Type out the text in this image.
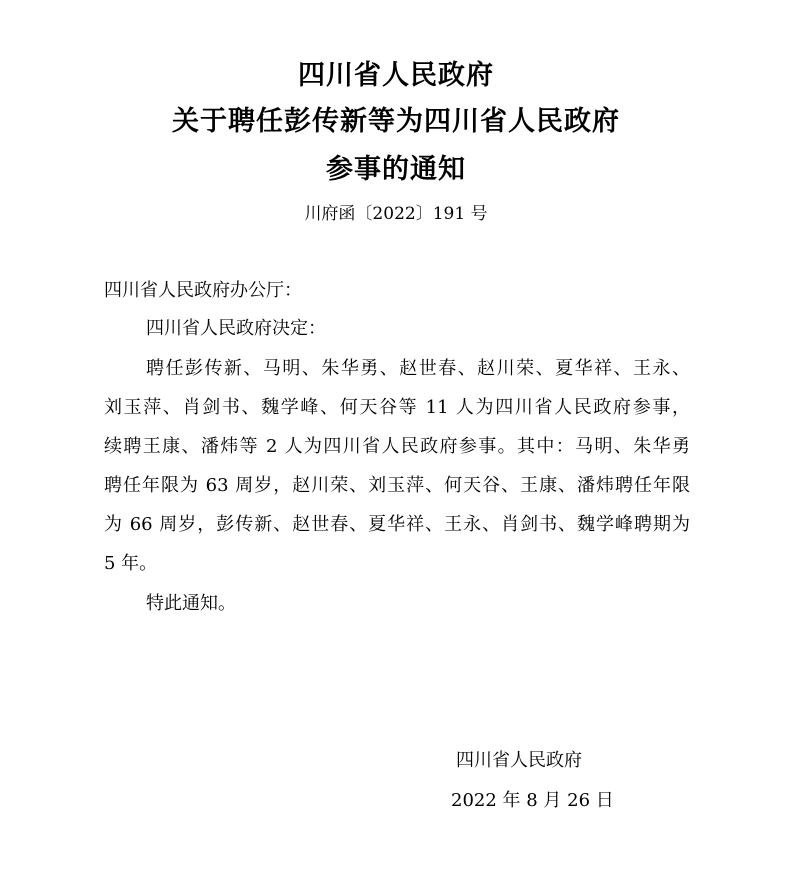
四川省人民政府
关于聘任彭传新等为四川省人民政府
参事的通知
川府函〔2022〕191 号
四川省人民政府办公厅：
四川省人民政府决定：
聘任彭传新、马明、朱华勇、赵世春、赵川荣、夏华祥、王永、
刘玉萍、肖剑书、魏学峰、何天谷等 11 人为四川省人民政府参事，
续聘王康、潘炜等 2 人为四川省人民政府参事。其中：马明、朱华勇
聘任年限为 63 周岁，赵川荣、刘玉萍、何天谷、王康、潘炜聘任年限
为 66 周岁，彭传新、赵世春、夏华祥、王永、肖剑书、魏学峰聘期为
5 年。
特此通知。
四川省人民政府
2022 年 8 月 26 日
